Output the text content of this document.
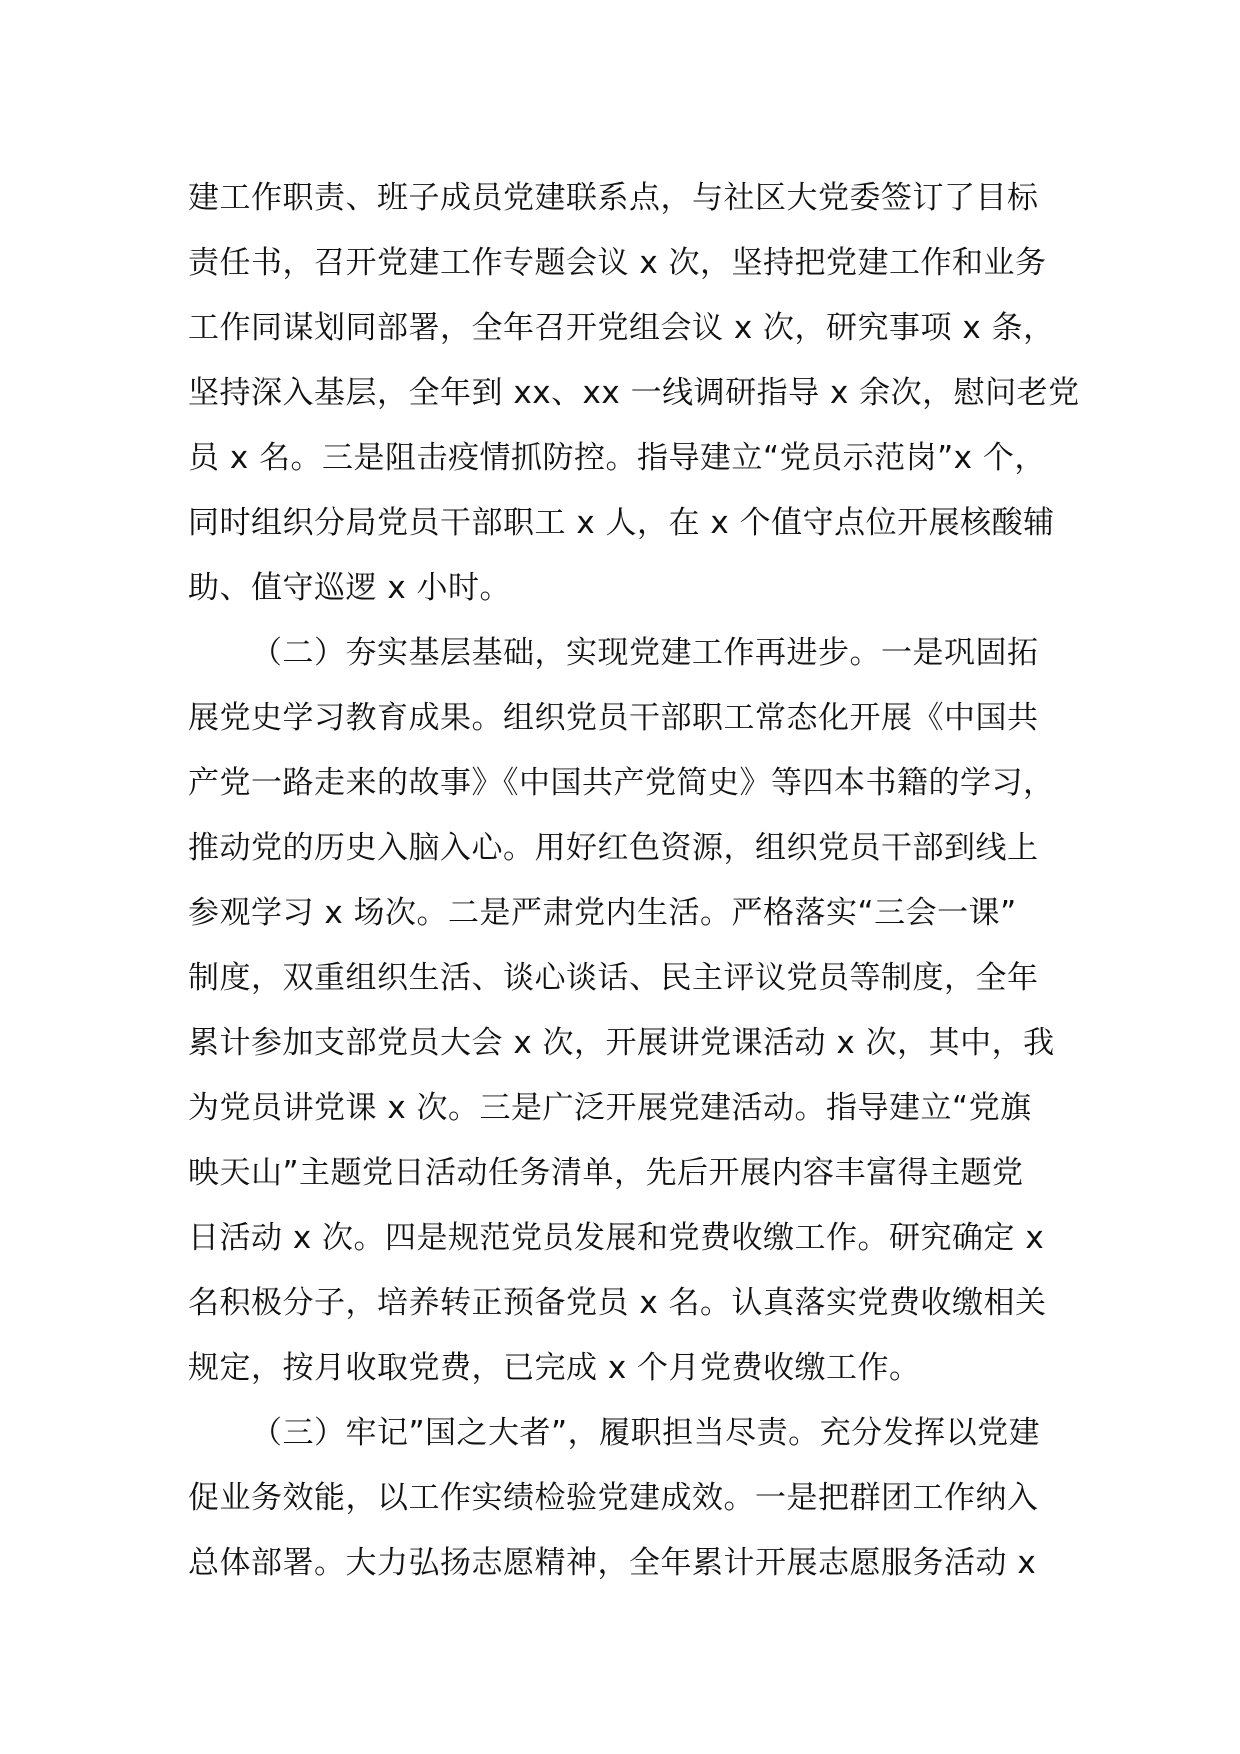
建工作职责、班子成员党建联系点，与社区大党委签订了目标
责任书，召开党建工作专题会议 x 次，坚持把党建工作和业务
工作同谋划同部署，全年召开党组会议 x 次，研究事项 x 条，
坚持深入基层，全年到 xx、xx 一线调研指导 x 余次，慰问老党
员 x 名。三是阻击疫情抓防控。指导建立“党员示范岗”x 个，
同时组织分局党员干部职工 x 人，在 x 个值守点位开展核酸辅
助、值守巡逻 x 小时。
（二）夯实基层基础，实现党建工作再进步。一是巩固拓
展党史学习教育成果。组织党员干部职工常态化开展《中国共
产党一路走来的故事》《中国共产党简史》等四本书籍的学习，
推动党的历史入脑入心。用好红色资源，组织党员干部到线上
参观学习 x 场次。二是严肃党内生活。严格落实“三会一课”
制度，双重组织生活、谈心谈话、民主评议党员等制度，全年
累计参加支部党员大会 x 次，开展讲党课活动 x 次，其中，我
为党员讲党课 x 次。三是广泛开展党建活动。指导建立“党旗
映天山”主题党日活动任务清单，先后开展内容丰富得主题党
日活动 x 次。四是规范党员发展和党费收缴工作。研究确定 x
名积极分子，培养转正预备党员 x 名。认真落实党费收缴相关
规定，按月收取党费，已完成 x 个月党费收缴工作。
（三）牢记”国之大者”，履职担当尽责。充分发挥以党建
促业务效能，以工作实绩检验党建成效。一是把群团工作纳入
总体部署。大力弘扬志愿精神，全年累计开展志愿服务活动 x
